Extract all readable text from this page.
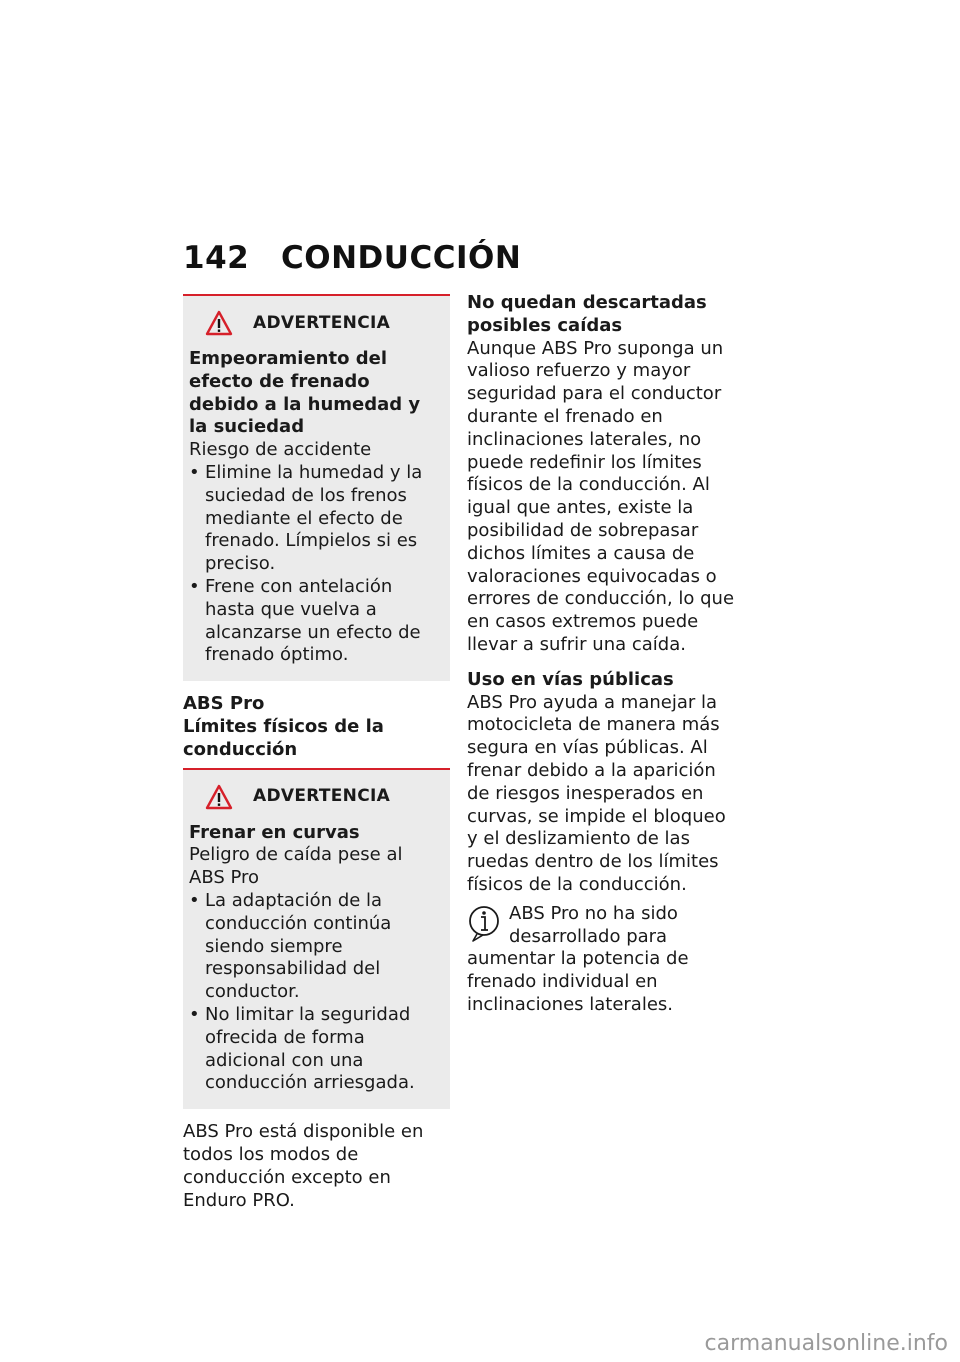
142 CONDUCCIÓN
ADVERTENCIA

Empeoramiento del efecto de frenado debido a la humedad y la suciedad

Riesgo de accidente

• Elimine la humedad y la suciedad de los frenos mediante el efecto de frenado. Límpielos si es preciso.
• Frene con antelación hasta que vuelva a alcanzarse un efecto de frenado óptimo.

ABS Pro

Límites físicos de la conducción

ADVERTENCIA

Frenar en curvas

Peligro de caída pese al ABS Pro

• La adaptación de la conducción continúa siendo siempre responsabilidad del conductor.
• No limitar la seguridad ofrecida de forma adicional con una conducción arriesgada.

ABS Pro está disponible en todos los modos de conducción excepto en Enduro PRO.

No quedan descartadas posibles caídas

Aunque ABS Pro suponga un valioso refuerzo y mayor seguridad para el conductor durante el frenado en inclinaciones laterales, no puede redefinir los límites físicos de la conducción. Al igual que antes, existe la posibilidad de sobrepasar dichos límites a causa de valoraciones equivocadas o errores de conducción, lo que en casos extremos puede llevar a sufrir una caída.

Uso en vías públicas

ABS Pro ayuda a manejar la motocicleta de manera más segura en vías públicas. Al frenar debido a la aparición de riesgos inesperados en curvas, se impide el bloqueo y el deslizamiento de las ruedas dentro de los límites físicos de la conducción.

ABS Pro no ha sido desarrollado para aumentar la potencia de frenado individual en inclinaciones laterales.

carmanualsonline.info
